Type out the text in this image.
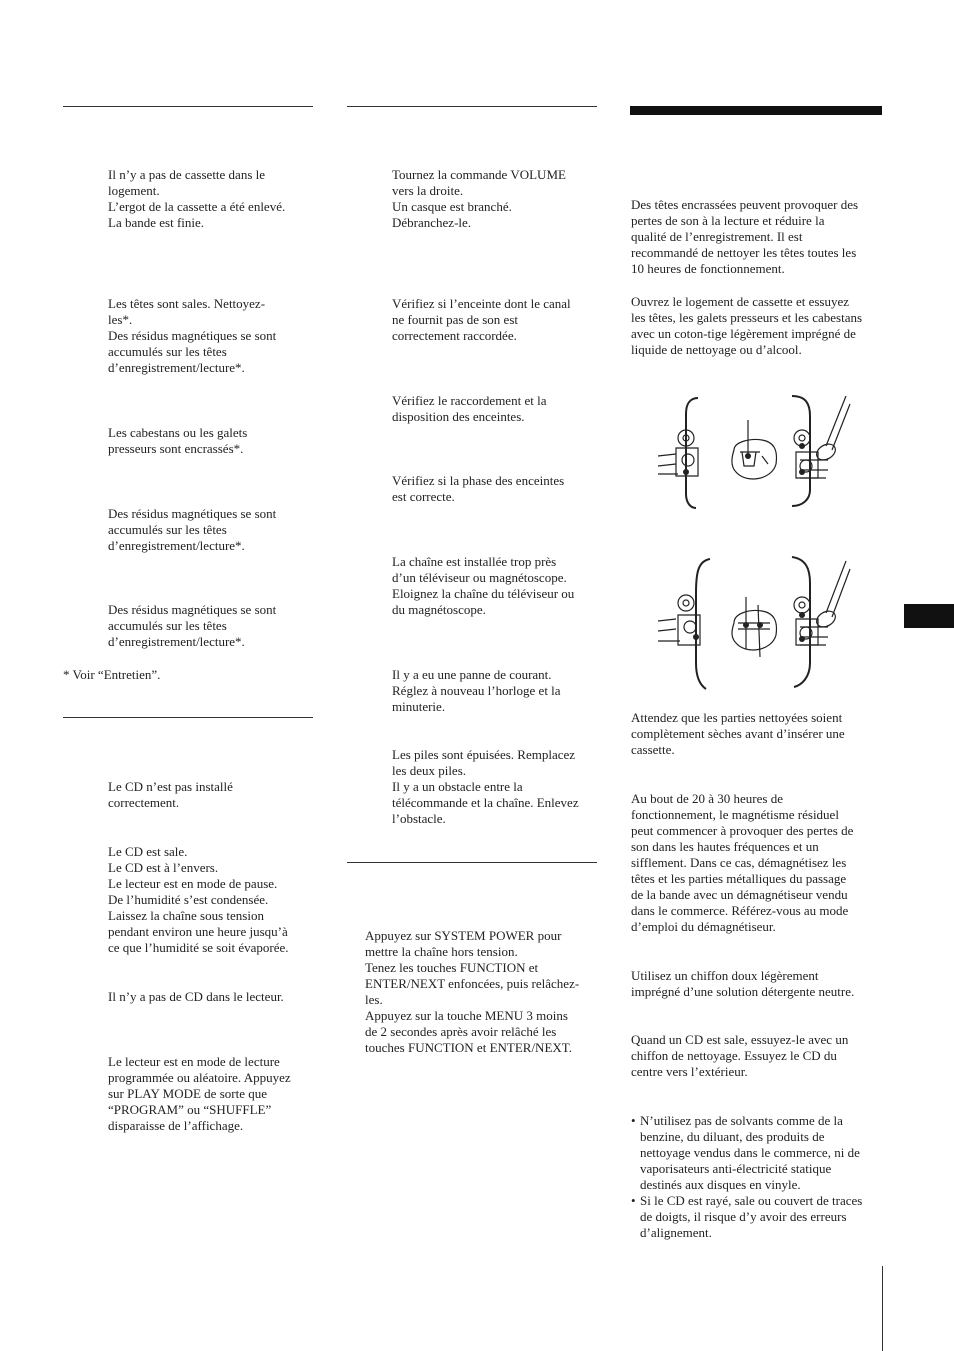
Il n’y a pas de cassette dans le
logement.
L’ergot de la cassette a été enlevé.
La bande est finie.

Les têtes sont sales. Nettoyez-
les*.
Des résidus magnétiques se sont
accumulés sur les têtes
d’enregistrement/lecture*.

Les cabestans ou les galets
presseurs sont encrassés*.

Des résidus magnétiques se sont
accumulés sur les têtes
d’enregistrement/lecture*.

Des résidus magnétiques se sont
accumulés sur les têtes
d’enregistrement/lecture*.

* Voir “Entretien”.

Le CD n’est pas installé
correctement.

Le CD est sale.
Le CD est à l’envers.
Le lecteur est en mode de pause.
De l’humidité s’est condensée.
Laissez la chaîne sous tension
pendant environ une heure jusqu’à
ce que l’humidité se soit évaporée.

Il n’y a pas de CD dans le lecteur.

Le lecteur est en mode de lecture
programmée ou aléatoire. Appuyez
sur PLAY MODE de sorte que
“PROGRAM” ou “SHUFFLE”
disparaisse de l’affichage.

Tournez la commande VOLUME
vers la droite.
Un casque est branché.
Débranchez-le.

Vérifiez si l’enceinte dont le canal
ne fournit pas de son est
correctement raccordée.

Vérifiez le raccordement et la
disposition des enceintes.

Vérifiez si la phase des enceintes
est correcte.

La chaîne est installée trop près
d’un téléviseur ou magnétoscope.
Eloignez la chaîne du téléviseur ou
du magnétoscope.

Il y a eu une panne de courant.
Réglez à nouveau l’horloge et la
minuterie.

Les piles sont épuisées. Remplacez
les deux piles.
Il y a un obstacle entre la
télécommande et la chaîne. Enlevez
l’obstacle.

Appuyez sur SYSTEM POWER pour
mettre la chaîne hors tension.
Tenez les touches FUNCTION et
ENTER/NEXT enfoncées, puis relâchez-
les.
Appuyez sur la touche MENU 3 moins
de 2 secondes après avoir relâché les
touches FUNCTION et ENTER/NEXT.

Des têtes encrassées peuvent provoquer des
pertes de son à la lecture et réduire la
qualité de l’enregistrement. Il est
recommandé de nettoyer les têtes toutes les
10 heures de fonctionnement.

Ouvrez le logement de cassette et essuyez
les têtes, les galets presseurs et les cabestans
avec un coton-tige légèrement imprégné de
liquide de nettoyage ou d’alcool.

Attendez que les parties nettoyées soient
complètement sèches avant d’insérer une
cassette.

Au bout de 20 à 30 heures de
fonctionnement, le magnétisme résiduel
peut commencer à provoquer des pertes de
son dans les hautes fréquences et un
sifflement. Dans ce cas, démagnétisez les
têtes et les parties métalliques du passage
de la bande avec un démagnétiseur vendu
dans le commerce. Référez-vous au mode
d’emploi du démagnétiseur.

Utilisez un chiffon doux légèrement
imprégné d’une solution détergente neutre.

Quand un CD est sale, essuyez-le avec un
chiffon de nettoyage. Essuyez le CD du
centre vers l’extérieur.

• N’utilisez pas de solvants comme de la
benzine, du diluant, des produits de
nettoyage vendus dans le commerce, ni de
vaporisateurs anti-électricité statique
destinés aux disques en vinyle.
• Si le CD est rayé, sale ou couvert de traces
de doigts, il risque d’y avoir des erreurs
d’alignement.
